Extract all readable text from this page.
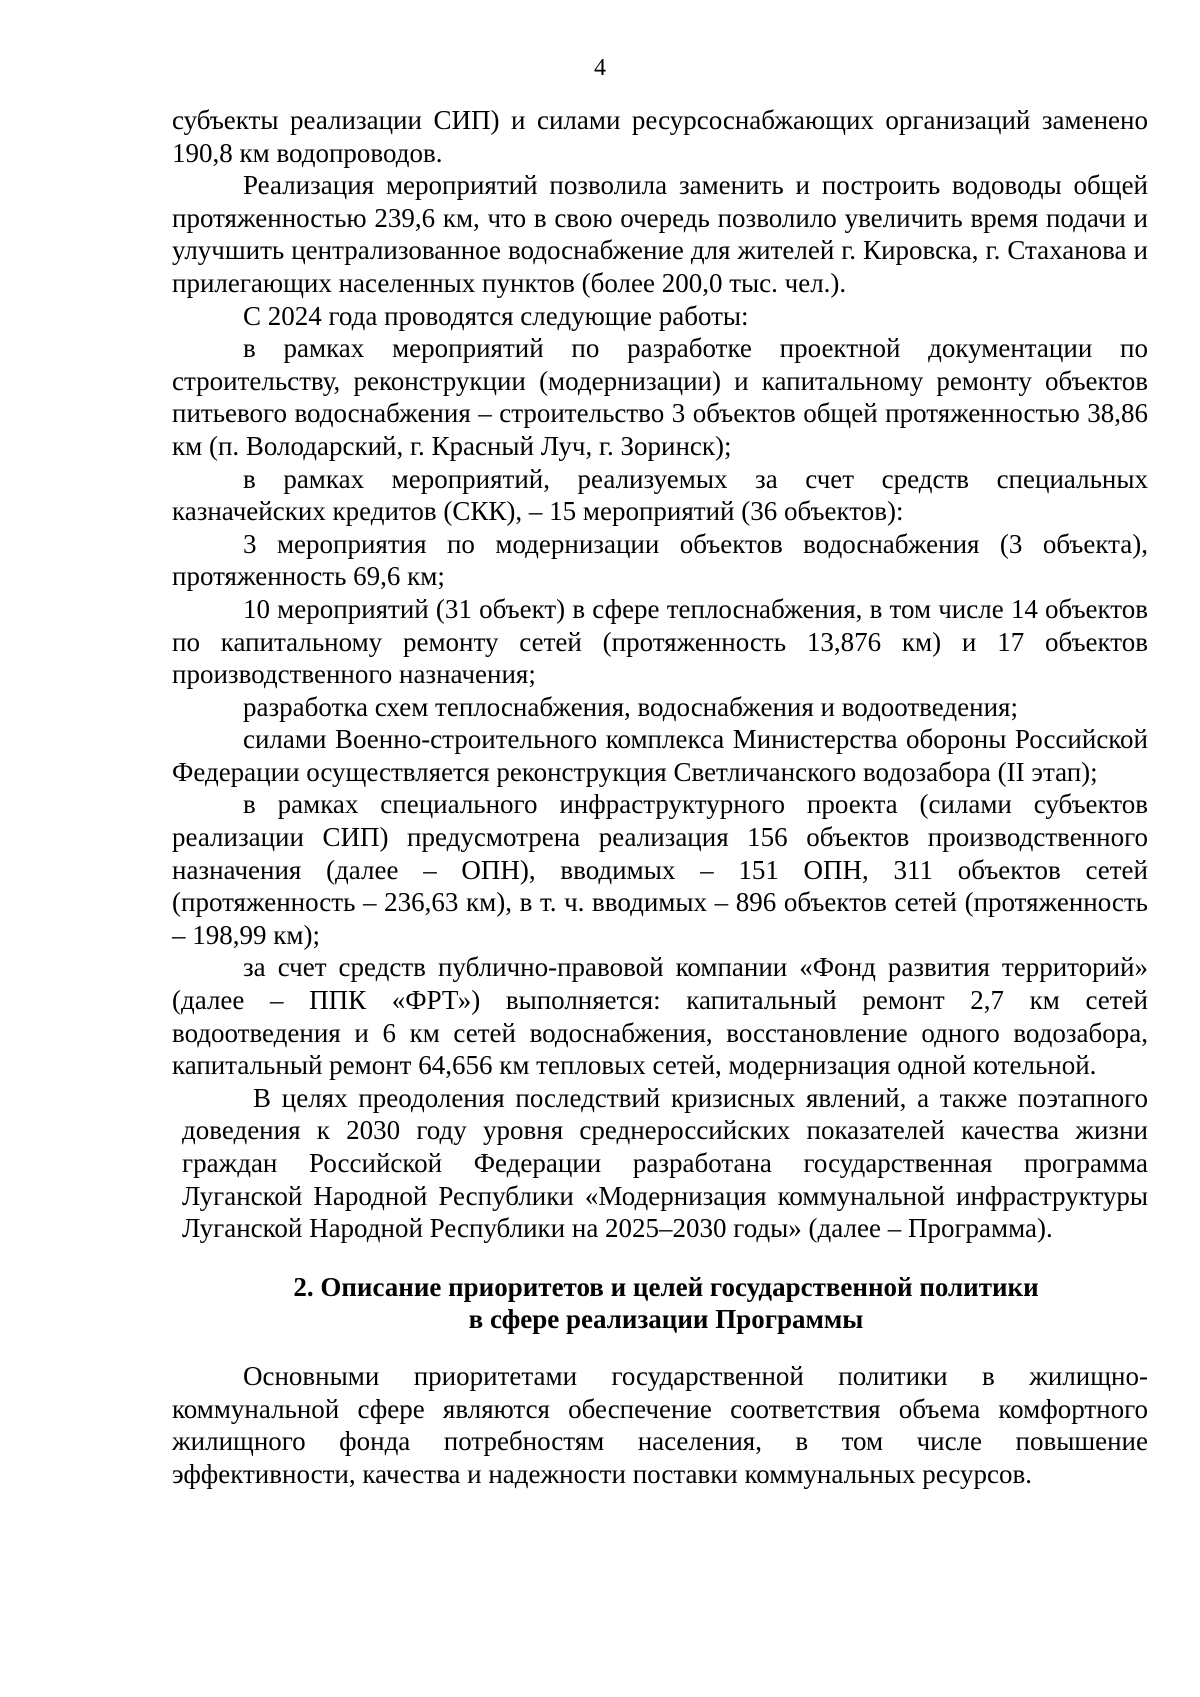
4

субъекты реализации СИП) и силами ресурсоснабжающих организаций заменено 190,8 км водопроводов.

Реализация мероприятий позволила заменить и построить водоводы общей протяженностью 239,6 км, что в свою очередь позволило увеличить время подачи и улучшить централизованное водоснабжение для жителей г. Кировска, г. Стаханова и прилегающих населенных пунктов (более 200,0 тыс. чел.).

С 2024 года проводятся следующие работы:

в рамках мероприятий по разработке проектной документации по строительству, реконструкции (модернизации) и капитальному ремонту объектов питьевого водоснабжения – строительство 3 объектов общей протяженностью 38,86 км (п. Володарский, г. Красный Луч, г. Зоринск);

в рамках мероприятий, реализуемых за счет средств специальных казначейских кредитов (СКК), – 15 мероприятий (36 объектов):

3 мероприятия по модернизации объектов водоснабжения (3 объекта), протяженность 69,6 км;

10 мероприятий (31 объект) в сфере теплоснабжения, в том числе 14 объектов по капитальному ремонту сетей (протяженность 13,876 км) и 17 объектов производственного назначения;

разработка схем теплоснабжения, водоснабжения и водоотведения;

силами Военно-строительного комплекса Министерства обороны Российской Федерации осуществляется реконструкция Светличанского водозабора (II этап);

в рамках специального инфраструктурного проекта (силами субъектов реализации СИП) предусмотрена реализация 156 объектов производственного назначения (далее – ОПН), вводимых – 151 ОПН, 311 объектов сетей (протяженность – 236,63 км), в т. ч. вводимых – 896 объектов сетей (протяженность – 198,99 км);

за счет средств публично-правовой компании «Фонд развития территорий» (далее – ППК «ФРТ») выполняется: капитальный ремонт 2,7 км сетей водоотведения и 6 км сетей водоснабжения, восстановление одного водозабора, капитальный ремонт 64,656 км тепловых сетей, модернизация одной котельной.

В целях преодоления последствий кризисных явлений, а также поэтапного доведения к 2030 году уровня среднероссийских показателей качества жизни граждан Российской Федерации разработана государственная программа Луганской Народной Республики «Модернизация коммунальной инфраструктуры Луганской Народной Республики на 2025–2030 годы» (далее – Программа).

2. Описание приоритетов и целей государственной политики
в сфере реализации Программы

Основными приоритетами государственной политики в жилищно-коммунальной сфере являются обеспечение соответствия объема комфортного жилищного фонда потребностям населения, в том числе повышение эффективности, качества и надежности поставки коммунальных ресурсов.
